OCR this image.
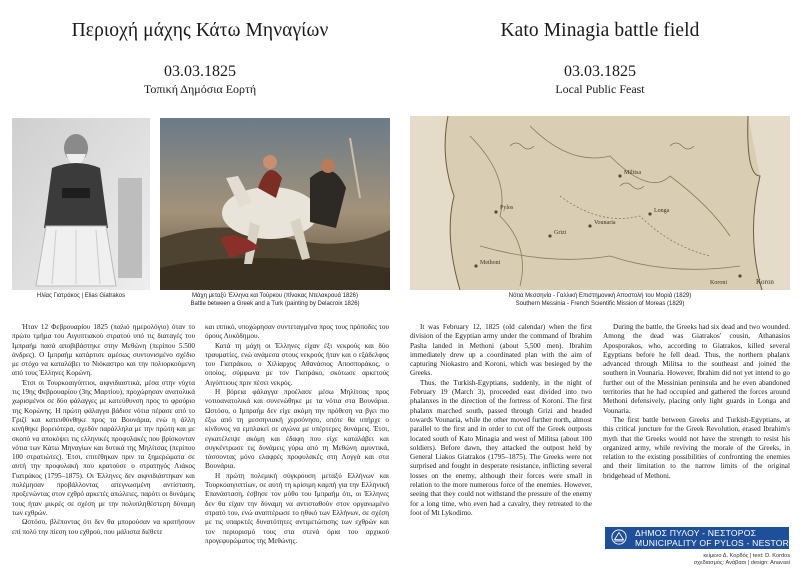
Περιοχή μάχης Κάτω Μηναγίων
03.03.1825
Τοπική Δημόσια Εορτή
Ηλίας Γιατράκος | Elias Giatrakos	Μάχη μεταξύ Έλληνα και Τούρκου (πίνακας Ντελακρουά 1826)
Battle between a Greek and a Turk (painting by Delacroix 1826)

Ήταν 12 Φεβρουαρίου 1825 (παλιό ημερολόγιο) όταν το πρώτο τμήμα του Αιγυπτιακού στρατού υπό τις διαταγές του Ιμπραήμ πασά αποβιβάστηκε στην Μεθώνη (περίπου 5.500 άνδρες). Ο Ιμπραήμ κατάρτισε αμέσως συντονισμένο σχέδιο με στόχο να καταλάβει το Νιόκαστρο και την πολιορκούμενη από τους Έλληνες Κορώνη.

Έτσι οι Τουρκοαιγύπτιοι, αιφνιδιαστικά, μέσα στην νύχτα τις 19ης Φεβρουαρίου (3ης Μαρτίου), προχώρησαν ανατολικά χωρισμένοι σε δύο φάλαγγες με κατεύθυνση προς το φρούριο της Κορώνης. Η πρώτη φάλαγγα βάδισε νότια πέρασε από το Γριζί και κατευθύνθηκε προς τα Βουνάρια, ενώ η άλλη κινήθηκε βορειότερα, σχεδόν παράλληλα με την πρώτη και με σκοπό να αποκόψει τις ελληνικές προφυλακές που βρίσκονταν νότια των Κάτω Μηναγίων και δυτικά της Μηλίτσας (περίπου 100 στρατιώτες). Έτσι, επιτέθηκαν πριν τα ξημερώματα σε αυτή την προφυλακή που κρατούσε ο στρατηγός Λιάκος Γιατράκος (1795–1875). Οι Έλληνες δεν αιφνιδιάστηκαν και πολέμησαν προβάλλοντας απεγνωσμένη αντίσταση, προξενώντας στον εχθρό αρκετές απώλειες, παρότι οι δυνάμεις τους ήταν μικρές σε σχέση με την πολυπληθέστερη δύναμη των εχθρών.

Ωστόσο, βλέποντας ότι δεν θα μπορούσαν να κρατήσουν επί πολύ την πίεση του εχθρού, που μάλιστα διέθετε

και ιππικό, υποχώρησαν συντεταγμένα προς τους πρόποδες του όρους Λυκόδημου.

Κατά τη μάχη οι Έλληνες είχαν έξι νεκρούς και δύο τραυματίες, ενώ ανάμεσα στους νεκρούς ήταν και ο εξάδελφος του Γιατράκου, ο Χιλίαρχος Αθανάσιος Αποσποράκος, ο οποίος, σύμφωνα με τον Γιατράκο, σκότωσε αρκετούς Αιγύπτιους πριν πέσει νεκρός.

Η βόρεια φάλαγγα προέλασε μέσω Μηλίτσας προς νοτιοανατολικά και συνενώθηκε με τα νότια στα Βουνάρια. Ωστόσο, ο Ιμπραήμ δεν είχε ακόμη την πρόθεση να βγει πιο έξω από τη μεσσηνιακή χερσόνησο, οπότε θα υπήρχε ο κίνδυνος να εμπλακεί σε αγώνα με υπέρτερες δυνάμεις. Έτσι, εγκατέλειψε ακόμη και έδαφη που είχε καταλάβει και συγκέντρωσε τις δυνάμεις γύρω από τη Μεθώνη αμυντικά, τάσσοντας μόνο ελαφρές προφυλακές στη Λογγά και στα Βουνάρια.

Η πρώτη πολεμική σύγκρουση μεταξύ Ελλήνων και Τουρκοαιγυπτίων, σε αυτή τη κρίσιμη καμπή για την Ελληνική Επανάσταση, έσβησε τον μύθο του Ιμπραήμ ότι, οι Έλληνες δεν θα είχαν την δύναμη να αντισταθούν στον οργανωμένο στρατό του, ενώ αναπτέρωσε το ηθικό των Ελλήνων, σε σχέση με τις υπαρκτές δυνατότητες αντιμετώπισης των εχθρών και τον περιορισμό τους στα στενά όρια του αρχικού προγεφυρώματος της Μεθώνης.

Kato Minagia battle field
03.03.1825
Local Public Feast
Pylos
Methoni
Koroni
Longa
Vounaria
Militsa
Grizi
Koron
Νότια Μεσσηνία - Γαλλική Επιστημονική Αποστολή του Μοριά (1829)
Southern Messinia - French Scientific Mission of Moreas (1829)

It was February 12, 1825 (old calendar) when the first division of the Egyptian army under the command of Ibrahim Pasha landed in Methoni (about 5,500 men). Ibrahim immediately drew up a coordinated plan with the aim of capturing Niokastro and Koroni, which was besieged by the Greeks.

Thus, the Turkish-Egyptians, suddenly, in the night of February 19 (March 3), proceeded east divided into two phalanxes in the direction of the fortress of Koroni. The first phalanx marched south, passed through Grizi and headed towards Vounaria, while the other moved further north, almost parallel to the first and in order to cut off the Greek outposts located south of Kato Minagia and west of Militsa (about 100 soldiers). Before dawn, they attacked the outpost held by General Liakos Giatrakos (1795–1875). The Greeks were not surprised and fought in desperate resistance, inflicting several losses on the enemy, although their forces were small in relation to the more numerous force of the enemies. However, seeing that they could not withstand the pressure of the enemy for a long time, who even had a cavalry, they retreated to the foot of Mt Lykodimo.

During the battle, the Greeks had six dead and two wounded. Among the dead was Giatrakos' cousin, Athanasios Aposporakos, who, according to Giatrakos, killed several Egyptians before he fell dead. Thus, the northern phalanx advanced through Militsa to the southeast and joined the southern in Vounaria. However, Ibrahim did not yet intend to go further out of the Messinian peninsula and he even abandoned territories that he had occupied and gathered the forces around Methoni defensively, placing only light guards in Longa and Vounaria.

The first battle between Greeks and Turkish-Egyptians, at this critical juncture for the Greek Revolution, erased Ibrahim's myth that the Greeks would not have the strength to resist his organized army, while reviving the morale of the Greeks, in relation to the existing possibilities of confronting the enemies and their limitation to the narrow limits of the original bridgehead of Methoni.

ΔΗΜΟΣ ΠΥΛΟΥ - ΝΕΣΤΟΡΟΣ
MUNICIPALITY OF PYLOS - NESTOR
κείμενο Δ. Κορδός | text: D. Kordos
σχεδιασμός: Ανάβασι | design: Anavasi
